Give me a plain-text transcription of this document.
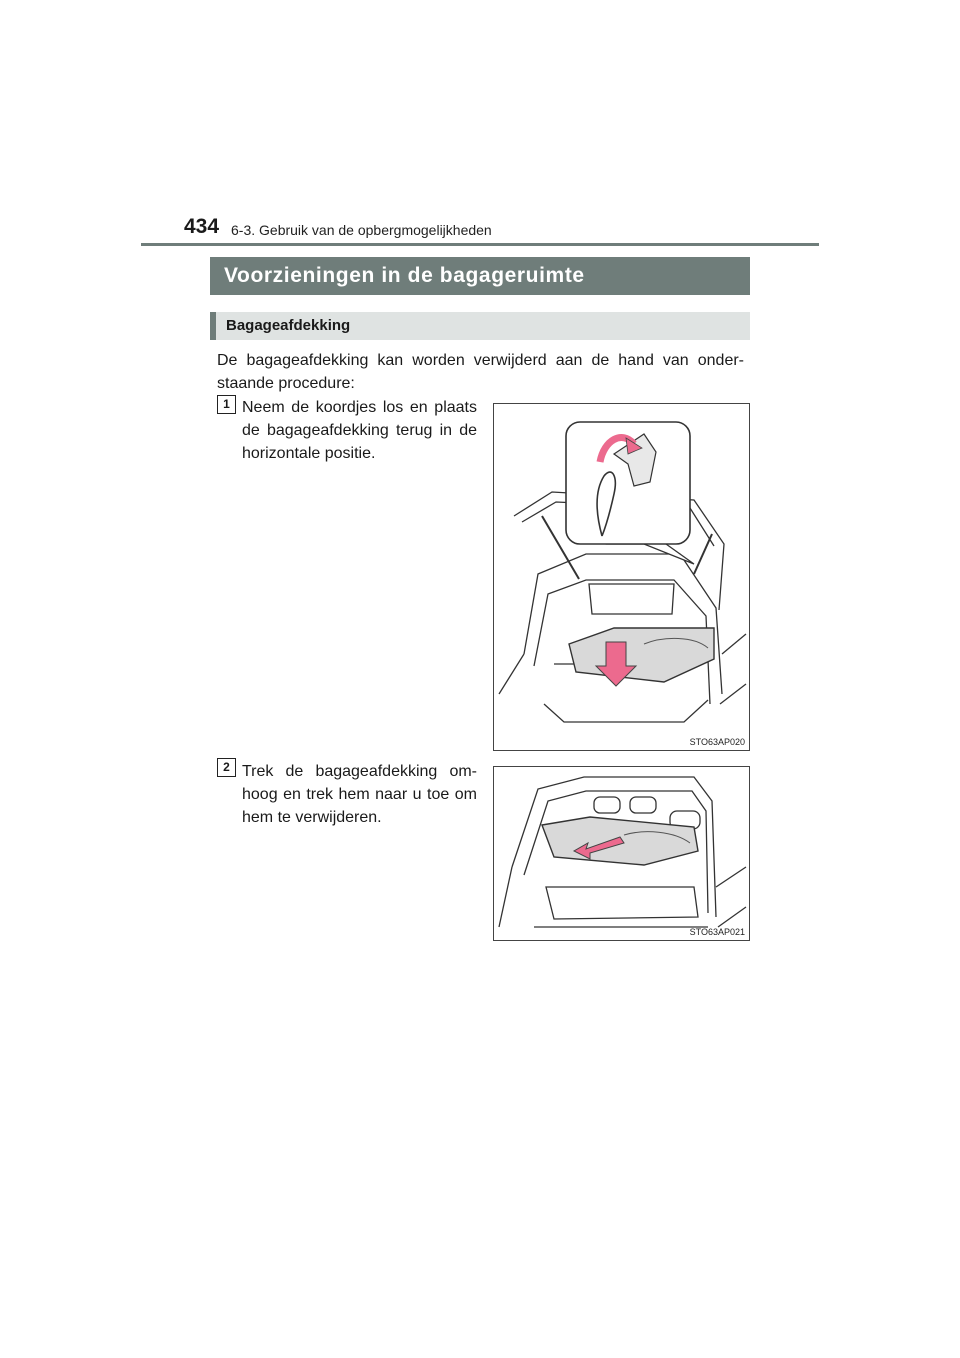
434 6-3. Gebruik van de opbergmogelijkheden
Voorzieningen in de bagageruimte
Bagageafdekking
De bagageafdekking kan worden verwijderd aan de hand van onder-staande procedure:
1 Neem de koordjes los en plaats de bagageafdekking terug in de horizontale positie.
STO63AP020
2 Trek de bagageafdekking om-hoog en trek hem naar u toe om hem te verwijderen.
STO63AP021
